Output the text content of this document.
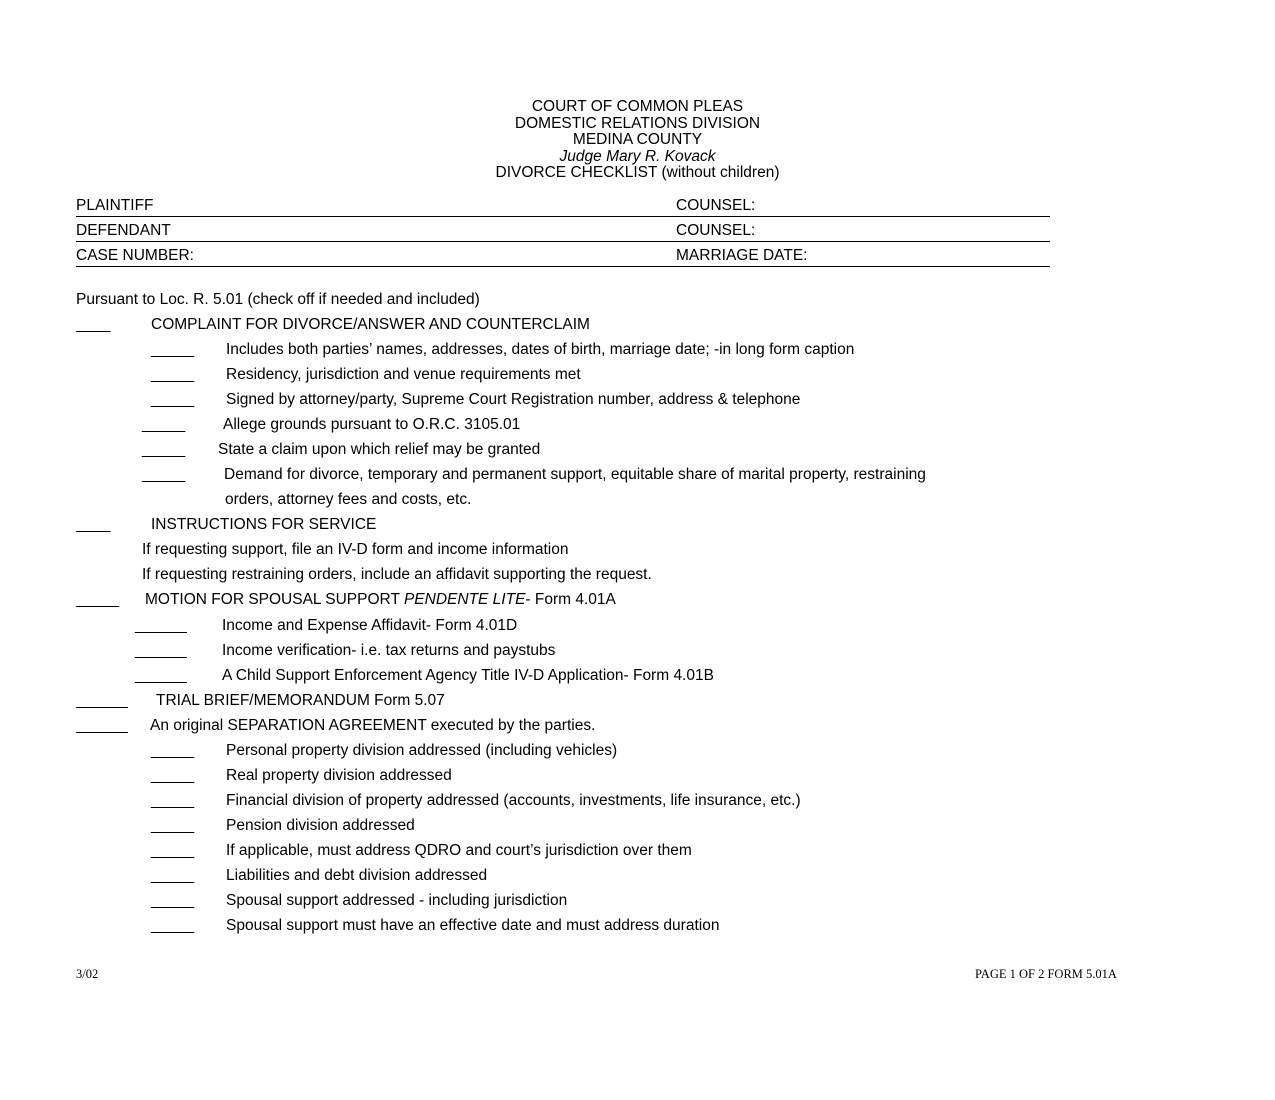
COURT OF COMMON PLEAS
DOMESTIC RELATIONS DIVISION
MEDINA COUNTY
Judge Mary R. Kovack
DIVORCE CHECKLIST (without children)
PLAINTIFF	COUNSEL:
DEFENDANT	COUNSEL:
CASE NUMBER:	MARRIAGE DATE:
Pursuant to Loc. R. 5.01 (check off if needed and included)
____	COMPLAINT FOR DIVORCE/ANSWER AND COUNTERCLAIM
_____ Includes both parties’ names, addresses, dates of birth, marriage date; -in long form caption
_____ Residency, jurisdiction and venue requirements met
_____ Signed by attorney/party, Supreme Court Registration number, address & telephone
_____ Allege grounds pursuant to O.R.C. 3105.01
_____ State a claim upon which relief may be granted
_____	Demand for divorce, temporary and permanent support, equitable share of marital property, restraining
orders, attorney fees and costs, etc.
____	INSTRUCTIONS FOR SERVICE
If requesting support, file an IV-D form and income information
If requesting restraining orders, include an affidavit supporting the request.
_____ MOTION FOR SPOUSAL SUPPORT PENDENTE LITE- Form 4.01A
______ Income and Expense Affidavit- Form 4.01D
______ Income verification- i.e. tax returns and paystubs
______ A Child Support Enforcement Agency Title IV-D Application- Form 4.01B
______ TRIAL BRIEF/MEMORANDUM Form 5.07
______ An original SEPARATION AGREEMENT executed by the parties.
_____ Personal property division addressed (including vehicles)
_____ Real property division addressed
_____ Financial division of property addressed (accounts, investments, life insurance, etc.)
_____ Pension division addressed
_____ If applicable, must address QDRO and court’s jurisdiction over them
_____ Liabilities and debt division addressed
_____ Spousal support addressed - including jurisdiction
_____ Spousal support must have an effective date and must address duration
3/02	PAGE 1 OF 2 FORM 5.01A
